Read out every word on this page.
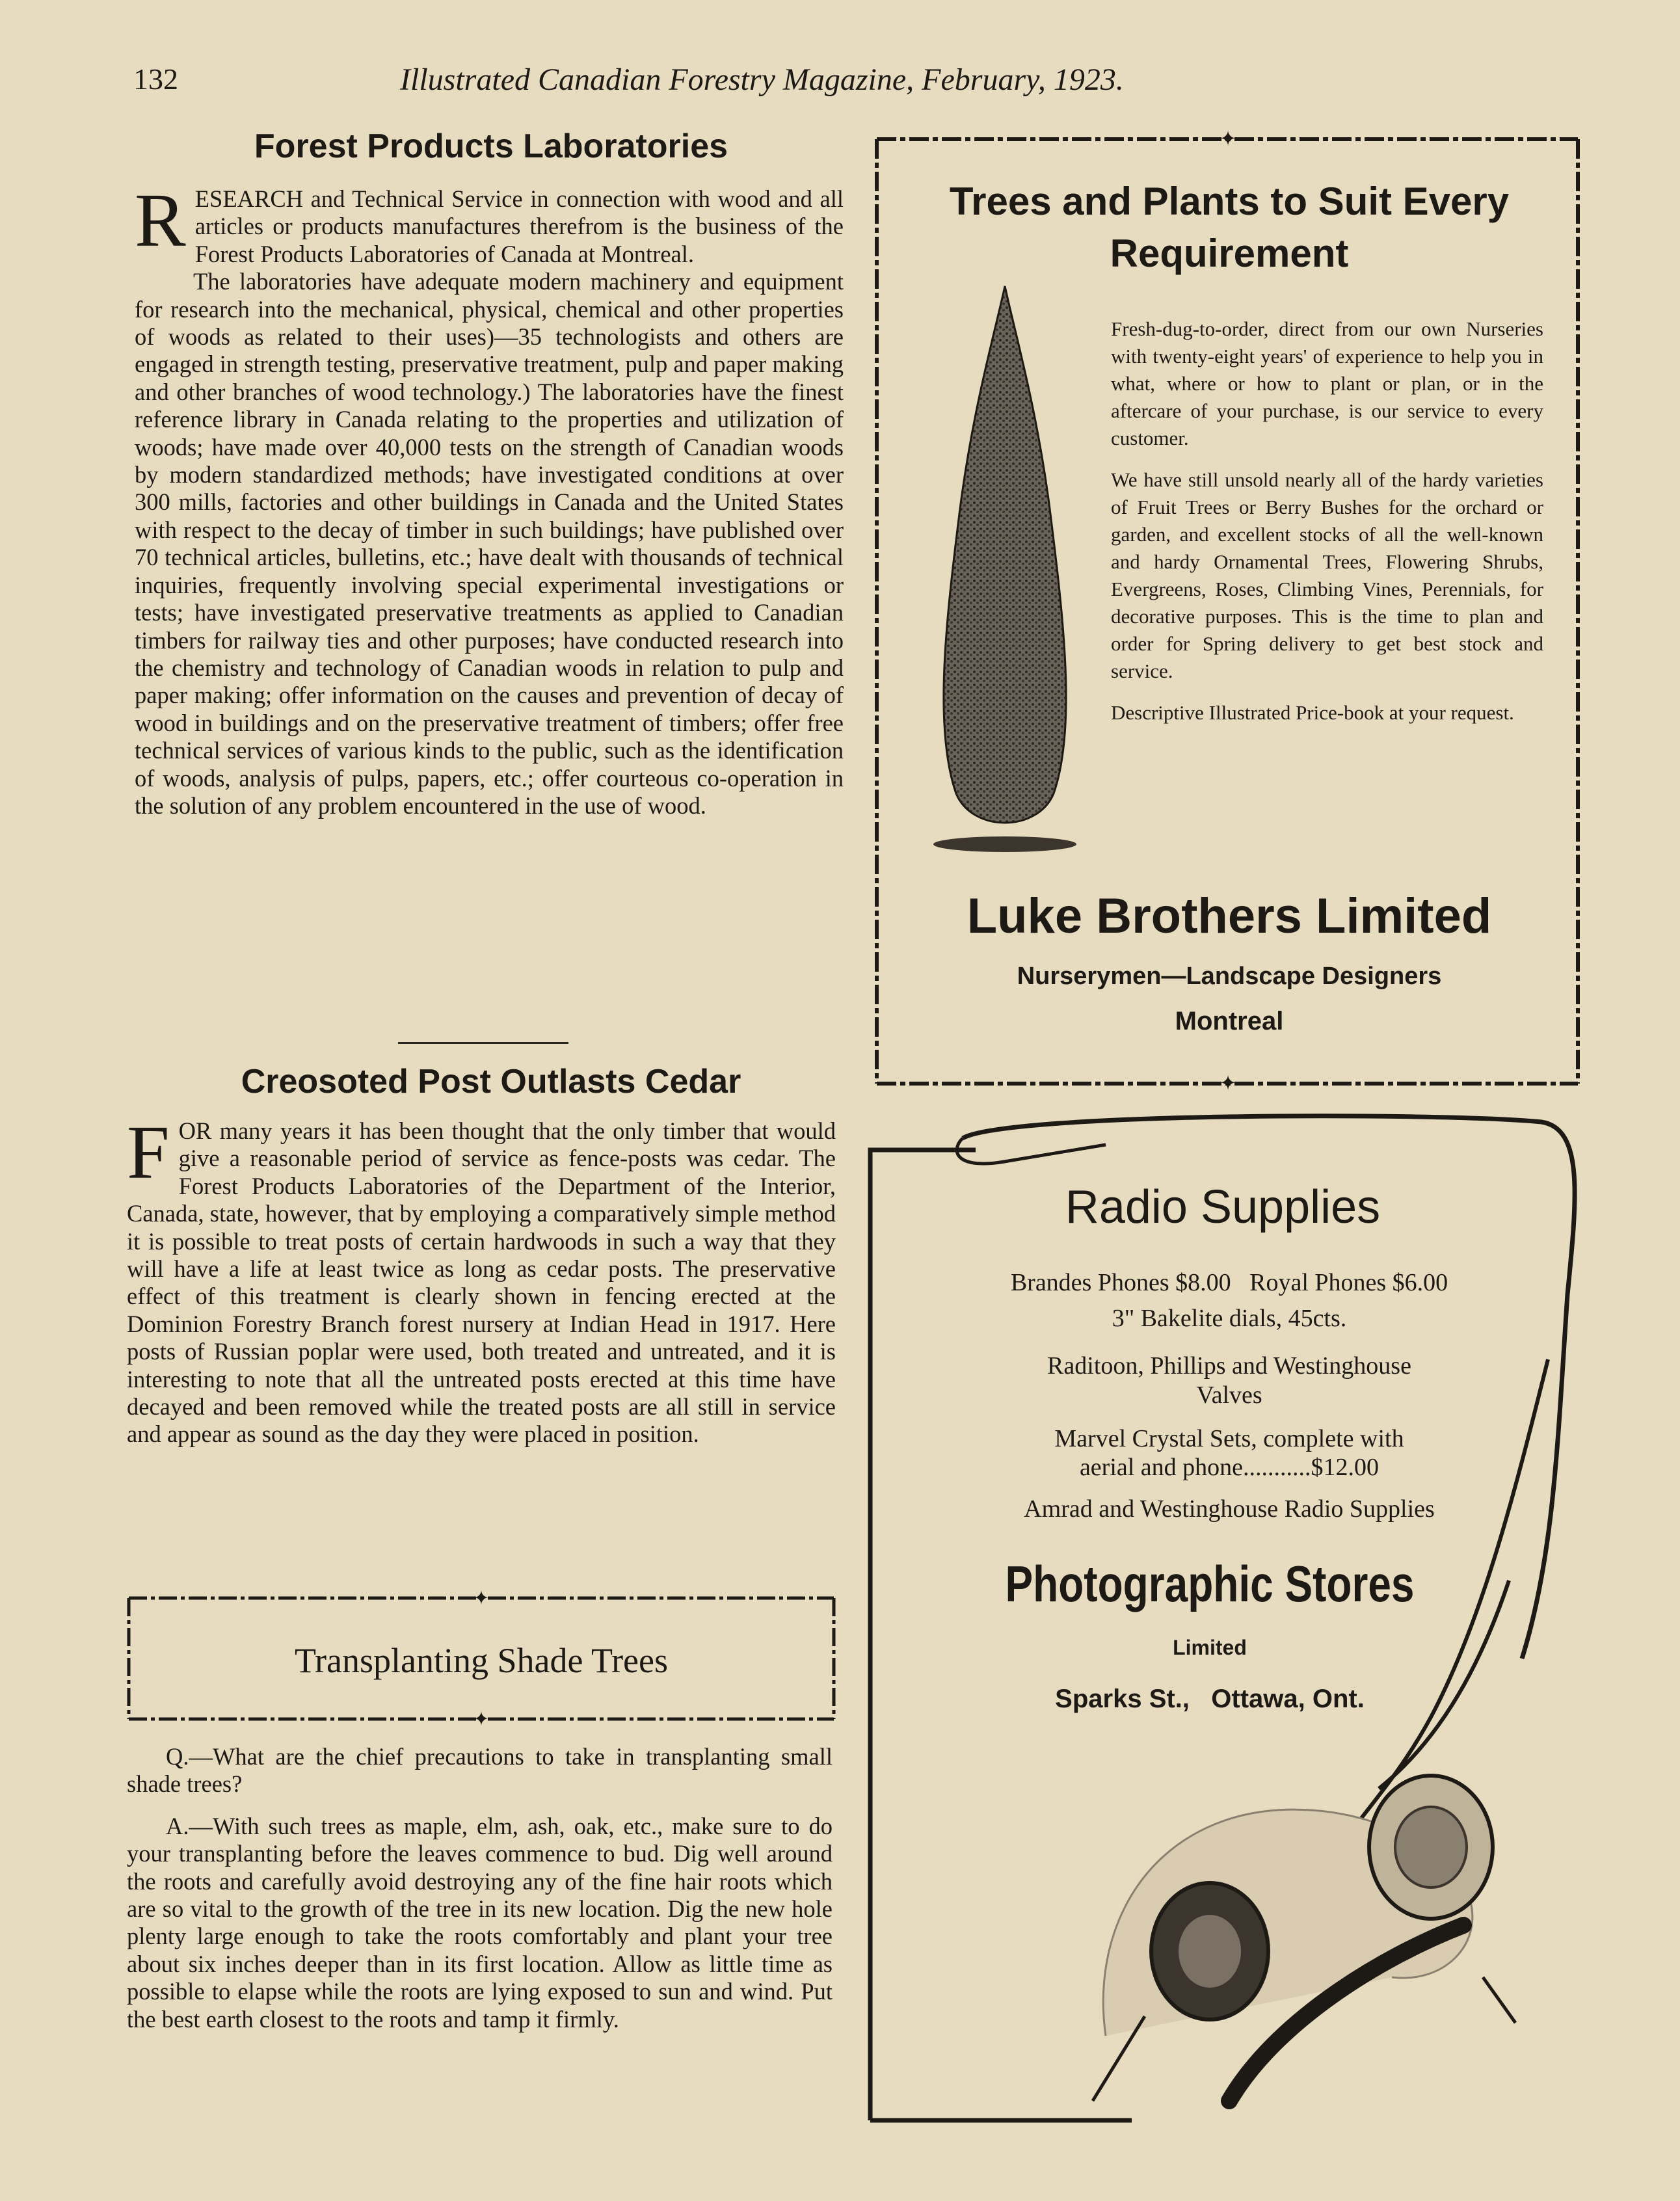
132	Illustrated Canadian Forestry Magazine, February, 1923.
Forest Products Laboratories

RESEARCH and Technical Service in connection with wood and all articles or products manufactures therefrom is the business of the Forest Products Laboratories of Canada at Montreal.

The laboratories have adequate modern machinery and equipment for research into the mechanical, physical, chemical and other properties of woods as related to their uses)—35 technologists and others are engaged in strength testing, preservative treatment, pulp and paper making and other branches of wood technology.) The laboratories have the finest reference library in Canada relating to the properties and utilization of woods; have made over 40,000 tests on the strength of Canadian woods by modern standardized methods; have investigated conditions at over 300 mills, factories and other buildings in Canada and the United States with respect to the decay of timber in such buildings; have published over 70 technical articles, bulletins, etc.; have dealt with thousands of technical inquiries, frequently involving special experimental investigations or tests; have investigated preservative treatments as applied to Canadian timbers for railway ties and other purposes; have conducted research into the chemistry and technology of Canadian woods in relation to pulp and paper making; offer information on the causes and prevention of decay of wood in buildings and on the preservative treatment of timbers; offer free technical services of various kinds to the public, such as the identification of woods, analysis of pulps, papers, etc.; offer courteous co-operation in the solution of any problem encountered in the use of wood.

Creosoted Post Outlasts Cedar

FOR many years it has been thought that the only timber that would give a reasonable period of service as fence-posts was cedar. The Forest Products Laboratories of the Department of the Interior, Canada, state, however, that by employing a comparatively simple method it is possible to treat posts of certain hardwoods in such a way that they will have a life at least twice as long as cedar posts. The preservative effect of this treatment is clearly shown in fencing erected at the Dominion Forestry Branch forest nursery at Indian Head in 1917. Here posts of Russian poplar were used, both treated and untreated, and it is interesting to note that all the untreated posts erected at this time have decayed and been removed while the treated posts are all still in service and appear as sound as the day they were placed in position.

✦
✦
Transplanting Shade Trees

Q.—What are the chief precautions to take in transplanting small shade trees?

A.—With such trees as maple, elm, ash, oak, etc., make sure to do your transplanting before the leaves commence to bud. Dig well around the roots and carefully avoid destroying any of the fine hair roots which are so vital to the growth of the tree in its new location. Dig the new hole plenty large enough to take the roots comfortably and plant your tree about six inches deeper than in its first location. Allow as little time as possible to elapse while the roots are lying exposed to sun and wind. Put the best earth closest to the roots and tamp it firmly.

✦
✦
Trees and Plants to Suit Every Requirement

Fresh-dug-to-order, direct from our own Nurseries with twenty-eight years' of experience to help you in what, where or how to plant or plan, or in the aftercare of your purchase, is our service to every customer.

We have still unsold nearly all of the hardy varieties of Fruit Trees or Berry Bushes for the orchard or garden, and excellent stocks of all the well-known and hardy Ornamental Trees, Flowering Shrubs, Evergreens, Roses, Climbing Vines, Perennials, for decorative purposes. This is the time to plan and order for Spring delivery to get best stock and service.

Descriptive Illustrated Price-book at your request.

Luke Brothers Limited
Nurserymen—Landscape Designers
Montreal
Radio Supplies
Brandes Phones $8.00   Royal Phones $6.00
3" Bakelite dials, 45cts.
Raditoon, Phillips and Westinghouse
Valves
Marvel Crystal Sets, complete with
aerial and phone...........$12.00
Amrad and Westinghouse Radio Supplies
Photographic Stores
Limited
Sparks St.,   Ottawa, Ont.
